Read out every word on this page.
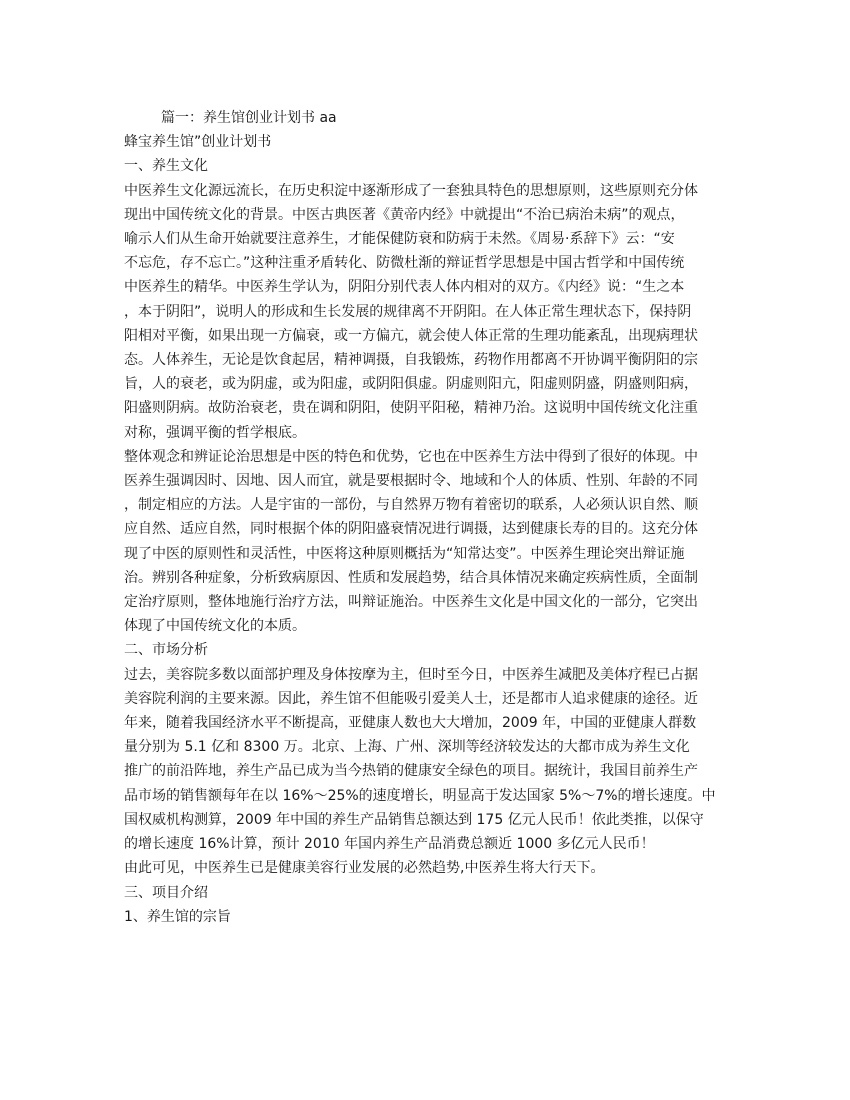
篇一：养生馆创业计划书 aa
蜂宝养生馆”创业计划书
一、养生文化
中医养生文化源远流长，在历史积淀中逐渐形成了一套独具特色的思想原则，这些原则充分体
现出中国传统文化的背景。中医古典医著《黄帝内经》中就提出“不治已病治未病”的观点，
喻示人们从生命开始就要注意养生，才能保健防衰和防病于未然。《周易·系辞下》云：“安
不忘危，存不忘亡。”这种注重矛盾转化、防微杜渐的辩证哲学思想是中国古哲学和中国传统
中医养生的精华。中医养生学认为，阴阳分别代表人体内相对的双方。《内经》说：“生之本
，本于阴阳”，说明人的形成和生长发展的规律离不开阴阳。在人体正常生理状态下，保持阴
阳相对平衡，如果出现一方偏衰，或一方偏亢，就会使人体正常的生理功能紊乱，出现病理状
态。人体养生，无论是饮食起居，精神调摄，自我锻炼，药物作用都离不开协调平衡阴阳的宗
旨，人的衰老，或为阴虚，或为阳虚，或阴阳俱虚。阴虚则阳亢，阳虚则阴盛，阴盛则阳病，
阳盛则阴病。故防治衰老，贵在调和阴阳，使阴平阳秘，精神乃治。这说明中国传统文化注重
对称，强调平衡的哲学根底。
整体观念和辨证论治思想是中医的特色和优势，它也在中医养生方法中得到了很好的体现。中
医养生强调因时、因地、因人而宜，就是要根据时令、地域和个人的体质、性别、年龄的不同
，制定相应的方法。人是宇宙的一部份，与自然界万物有着密切的联系，人必须认识自然、顺
应自然、适应自然，同时根据个体的阴阳盛衰情况进行调摄，达到健康长寿的目的。这充分体
现了中医的原则性和灵活性，中医将这种原则概括为“知常达变”。中医养生理论突出辩证施
治。辨别各种症象，分析致病原因、性质和发展趋势，结合具体情况来确定疾病性质，全面制
定治疗原则，整体地施行治疗方法，叫辩证施治。中医养生文化是中国文化的一部分，它突出
体现了中国传统文化的本质。
二、市场分析
过去，美容院多数以面部护理及身体按摩为主，但时至今日，中医养生减肥及美体疗程已占据
美容院利润的主要来源。因此，养生馆不但能吸引爱美人士，还是都市人追求健康的途径。近
年来，随着我国经济水平不断提高，亚健康人数也大大增加，2009 年，中国的亚健康人群数
量分别为 5.1 亿和 8300 万。北京、上海、广州、深圳等经济较发达的大都市成为养生文化
推广的前沿阵地，养生产品已成为当今热销的健康安全绿色的项目。据统计，我国目前养生产
品市场的销售额每年在以 16%～25%的速度增长，明显高于发达国家 5%～7%的增长速度。中
国权威机构测算，2009 年中国的养生产品销售总额达到 175 亿元人民币！依此类推，以保守
的增长速度 16%计算，预计 2010 年国内养生产品消费总额近 1000 多亿元人民币！
由此可见，中医养生已是健康美容行业发展的必然趋势,中医养生将大行天下。
三、项目介绍
1、养生馆的宗旨
